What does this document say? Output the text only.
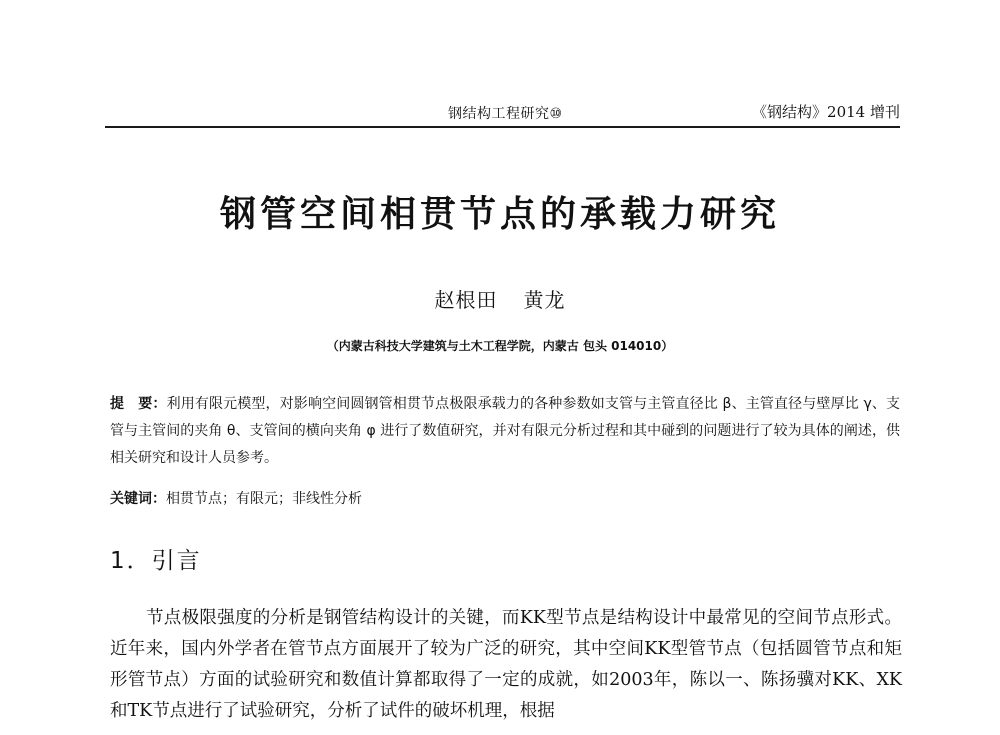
钢结构工程研究⑩	《钢结构》2014 增刊
钢管空间相贯节点的承载力研究
赵根田 黄龙
（内蒙古科技大学建筑与土木工程学院，内蒙古 包头 014010）

提　要：利用有限元模型，对影响空间圆钢管相贯节点极限承载力的各种参数如支管与主管直径比 β、主管直径与壁厚比 γ、支管与主管间的夹角 θ、支管间的横向夹角 φ 进行了数值研究，并对有限元分析过程和其中碰到的问题进行了较为具体的阐述，供相关研究和设计人员参考。

关键词：相贯节点；有限元；非线性分析
1．引言

节点极限强度的分析是钢管结构设计的关键，而KK型节点是结构设计中最常见的空间节点形式。近年来，国内外学者在管节点方面展开了较为广泛的研究，其中空间KK型管节点（包括圆管节点和矩形管节点）方面的试验研究和数值计算都取得了一定的成就，如2003年，陈以一、陈扬骥对KK、XK和TK节点进行了试验研究，分析了试件的破坏机理，根据
